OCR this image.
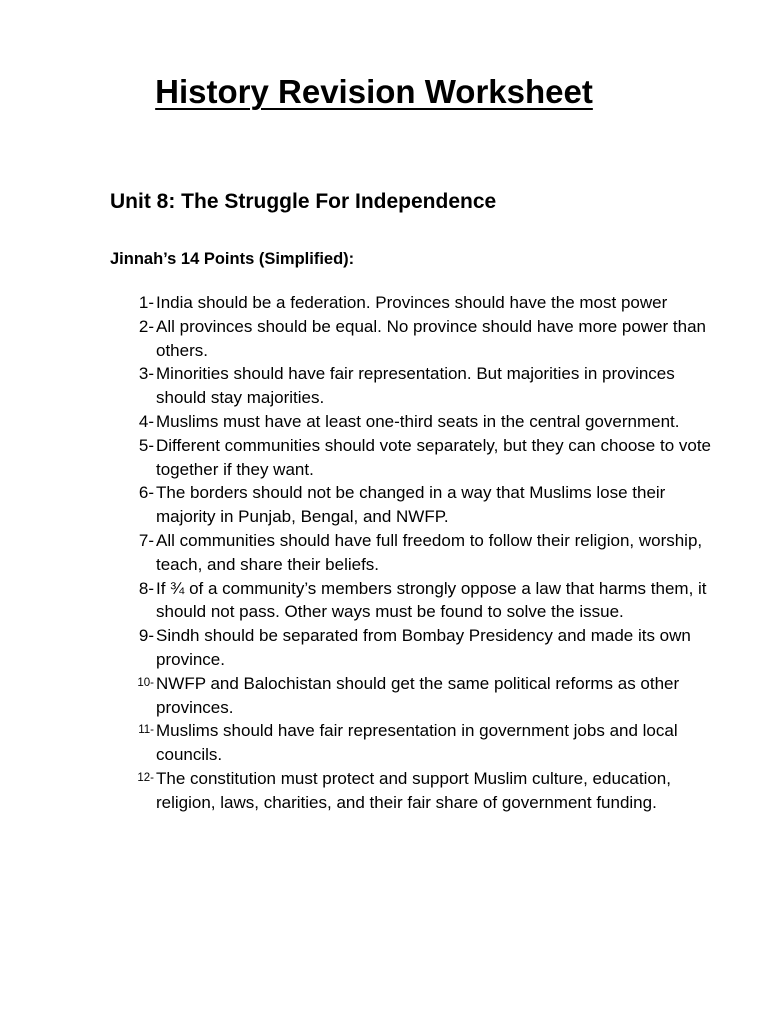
History Revision Worksheet
Unit 8: The Struggle For Independence
Jinnah’s 14 Points (Simplified):
1- India should be a federation. Provinces should have the most power
2- All provinces should be equal. No province should have more power than others.
3- Minorities should have fair representation. But majorities in provinces should stay majorities.
4- Muslims must have at least one-third seats in the central government.
5- Different communities should vote separately, but they can choose to vote together if they want.
6- The borders should not be changed in a way that Muslims lose their majority in Punjab, Bengal, and NWFP.
7- All communities should have full freedom to follow their religion, worship, teach, and share their beliefs.
8- If ¾ of a community’s members strongly oppose a law that harms them, it should not pass. Other ways must be found to solve the issue.
9- Sindh should be separated from Bombay Presidency and made its own province.
10- NWFP and Balochistan should get the same political reforms as other provinces.
11- Muslims should have fair representation in government jobs and local councils.
12- The constitution must protect and support Muslim culture, education, religion, laws, charities, and their fair share of government funding.
